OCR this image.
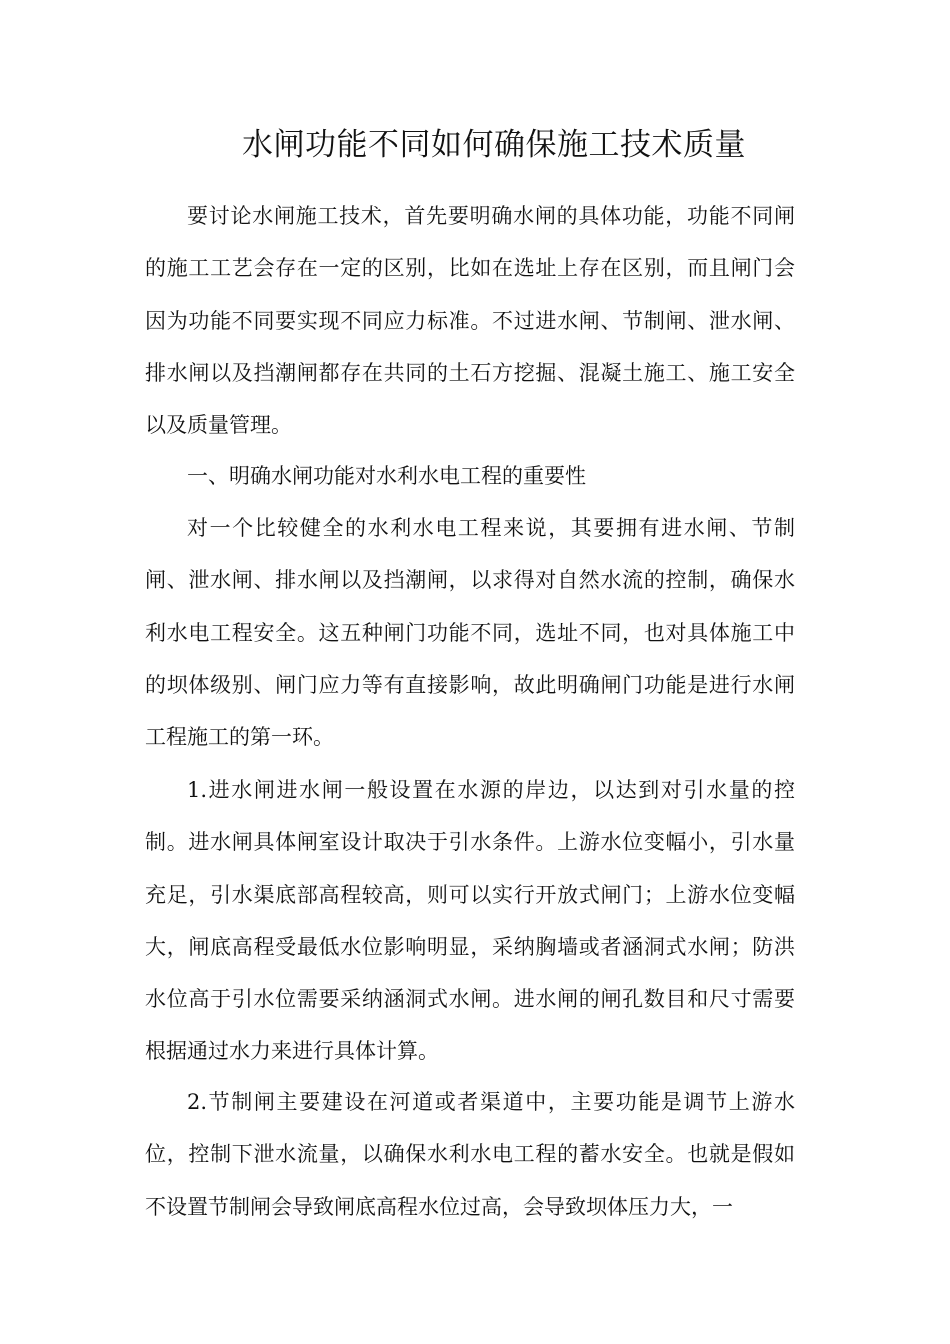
水闸功能不同如何确保施工技术质量

要讨论水闸施工技术，首先要明确水闸的具体功能，功能不同闸的施工工艺会存在一定的区别，比如在选址上存在区别，而且闸门会因为功能不同要实现不同应力标准。不过进水闸、节制闸、泄水闸、排水闸以及挡潮闸都存在共同的土石方挖掘、混凝土施工、施工安全以及质量管理。

一、明确水闸功能对水利水电工程的重要性

对一个比较健全的水利水电工程来说，其要拥有进水闸、节制闸、泄水闸、排水闸以及挡潮闸，以求得对自然水流的控制，确保水利水电工程安全。这五种闸门功能不同，选址不同，也对具体施工中的坝体级别、闸门应力等有直接影响，故此明确闸门功能是进行水闸工程施工的第一环。

1.进水闸进水闸一般设置在水源的岸边，以达到对引水量的控制。进水闸具体闸室设计取决于引水条件。上游水位变幅小，引水量充足，引水渠底部高程较高，则可以实行开放式闸门；上游水位变幅大，闸底高程受最低水位影响明显，采纳胸墙或者涵洞式水闸；防洪水位高于引水位需要采纳涵洞式水闸。进水闸的闸孔数目和尺寸需要根据通过水力来进行具体计算。

2.节制闸主要建设在河道或者渠道中，主要功能是调节上游水位，控制下泄水流量，以确保水利水电工程的蓄水安全。也就是假如不设置节制闸会导致闸底高程水位过高，会导致坝体压力大，一
